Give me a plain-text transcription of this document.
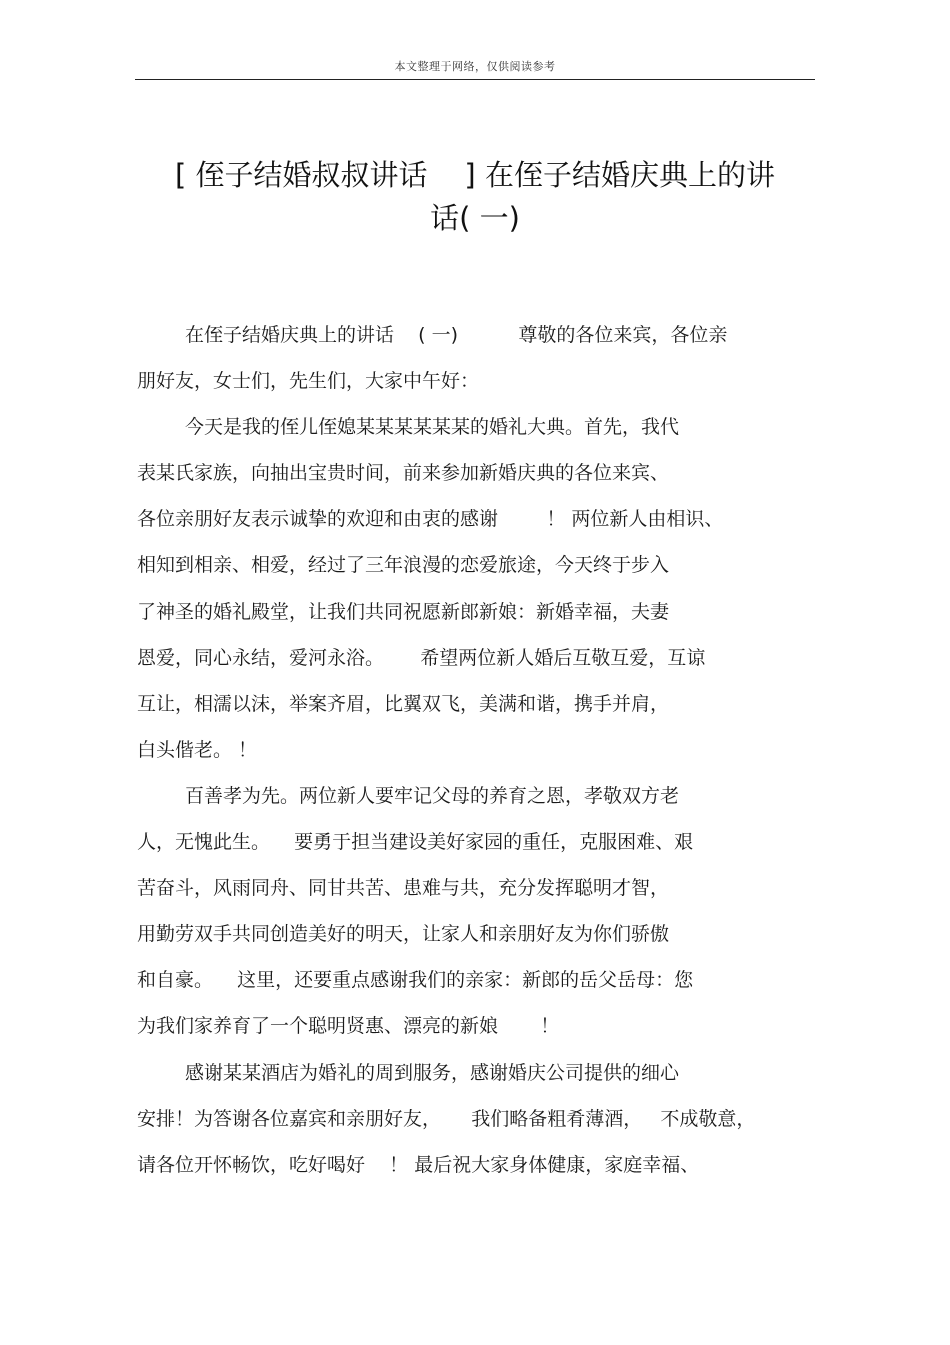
本文整理于网络，仅供阅读参考
[ 侄子结婚叔叔讲话    ] 在侄子结婚庆典上的讲
话( 一)
在侄子结婚庆典上的讲话    ( 一)          尊敬的各位来宾，各位亲
朋好友，女士们，先生们，大家中午好：
今天是我的侄儿侄媳某某某某某某的婚礼大典。首先，我代
表某氏家族，向抽出宝贵时间，前来参加新婚庆典的各位来宾、
各位亲朋好友表示诚挚的欢迎和由衷的感谢        ！ 两位新人由相识、
相知到相亲、相爱，经过了三年浪漫的恋爱旅途，今天终于步入
了神圣的婚礼殿堂，让我们共同祝愿新郎新娘：新婚幸福，夫妻
恩爱，同心永结，爱河永浴。      希望两位新人婚后互敬互爱，互谅
互让，相濡以沫，举案齐眉，比翼双飞，美满和谐，携手并肩，
白头偕老。 ！
百善孝为先。两位新人要牢记父母的养育之恩，孝敬双方老
人，无愧此生。    要勇于担当建设美好家园的重任，克服困难、艰
苦奋斗，风雨同舟、同甘共苦、患难与共，充分发挥聪明才智，
用勤劳双手共同创造美好的明天，让家人和亲朋好友为你们骄傲
和自豪。    这里，还要重点感谢我们的亲家：新郎的岳父岳母：您
为我们家养育了一个聪明贤惠、漂亮的新娘       ！
感谢某某酒店为婚礼的周到服务，感谢婚庆公司提供的细心
安排！为答谢各位嘉宾和亲朋好友，     我们略备粗肴薄酒，   不成敬意，
请各位开怀畅饮，吃好喝好    ！ 最后祝大家身体健康，家庭幸福、
